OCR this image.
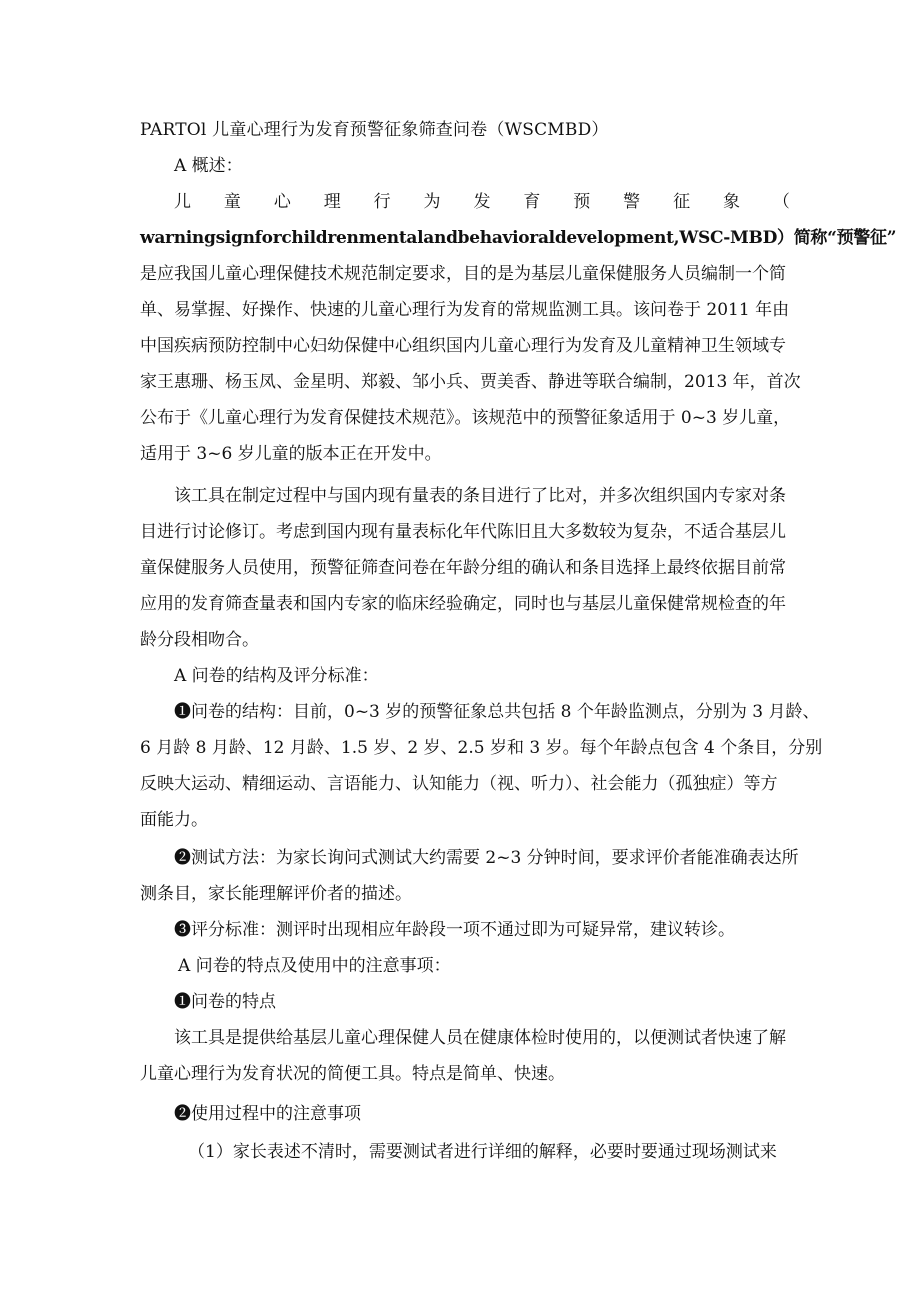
PARTOl 儿童心理行为发育预警征象筛查问卷（WSCMBD）
A 概述：
儿 童 心 理 行 为 发 育 预 警 征 象 （
warningsignforchildrenmentalandbehavioraldevelopment,WSC-MBD）简称“预警征”
是应我国儿童心理保健技术规范制定要求，目的是为基层儿童保健服务人员编制一个简
单、易掌握、好操作、快速的儿童心理行为发育的常规监测工具。该问卷于 2011 年由
中国疾病预防控制中心妇幼保健中心组织国内儿童心理行为发育及儿童精神卫生领域专
家王惠珊、杨玉凤、金星明、郑毅、邹小兵、贾美香、静进等联合编制，2013 年，首次
公布于《儿童心理行为发育保健技术规范》。该规范中的预警征象适用于 0~3 岁儿童，
适用于 3~6 岁儿童的版本正在开发中。
该工具在制定过程中与国内现有量表的条目进行了比对，并多次组织国内专家对条
目进行讨论修订。考虑到国内现有量表标化年代陈旧且大多数较为复杂，不适合基层儿
童保健服务人员使用，预警征筛查问卷在年龄分组的确认和条目选择上最终依据目前常
应用的发育筛查量表和国内专家的临床经验确定，同时也与基层儿童保健常规检查的年
龄分段相吻合。
A 问卷的结构及评分标准：
❶问卷的结构：目前，0~3 岁的预警征象总共包括 8 个年龄监测点，分别为 3 月龄、
6 月龄 8 月龄、12 月龄、1.5 岁、2 岁、2.5 岁和 3 岁。每个年龄点包含 4 个条目，分别
反映大运动、精细运动、言语能力、认知能力（视、听力）、社会能力（孤独症）等方
面能力。
❷测试方法：为家长询问式测试大约需要 2~3 分钟时间，要求评价者能准确表达所
测条目，家长能理解评价者的描述。
❸评分标准：测评时出现相应年龄段一项不通过即为可疑异常，建议转诊。
A 问卷的特点及使用中的注意事项：
❶问卷的特点
该工具是提供给基层儿童心理保健人员在健康体检时使用的，以便测试者快速了解
儿童心理行为发育状况的简便工具。特点是简单、快速。
❷使用过程中的注意事项
（1）家长表述不清时，需要测试者进行详细的解释，必要时要通过现场测试来
